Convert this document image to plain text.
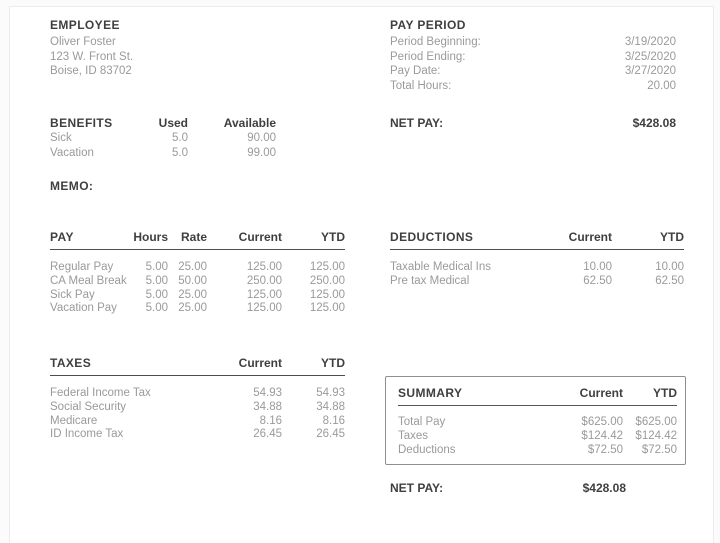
EMPLOYEE
Oliver Foster
123 W. Front St.
Boise, ID 83702
PAY PERIOD
Period Beginning:	3/19/2020
Period Ending:	3/25/2020
Pay Date:	3/27/2020
Total Hours:	20.00
BENEFITS	Used	Available
Sick	5.0	90.00
Vacation	5.0	99.00
NET PAY:	$428.08
MEMO:
PAY	Hours Rate	Current	YTD
Regular Pay	5.00 25.00	125.00 125.00
CA Meal Break 5.00 50.00	250.00 250.00
Sick Pay	5.00 25.00	125.00 125.00
Vacation Pay 5.00 25.00	125.00 125.00
DEDUCTIONS	Current	YTD
Taxable Medical Ins	10.00	10.00
Pre tax Medical	62.50	62.50
TAXES	Current	YTD
Federal Income Tax	54.93	54.93
Social Security	34.88	34.88
Medicare	8.16	8.16
ID Income Tax	26.45	26.45
SUMMARY	Current	YTD
Total Pay	$625.00 $625.00
Taxes	$124.42 $124.42
Deductions	$72.50 $72.50
NET PAY:	$428.08
